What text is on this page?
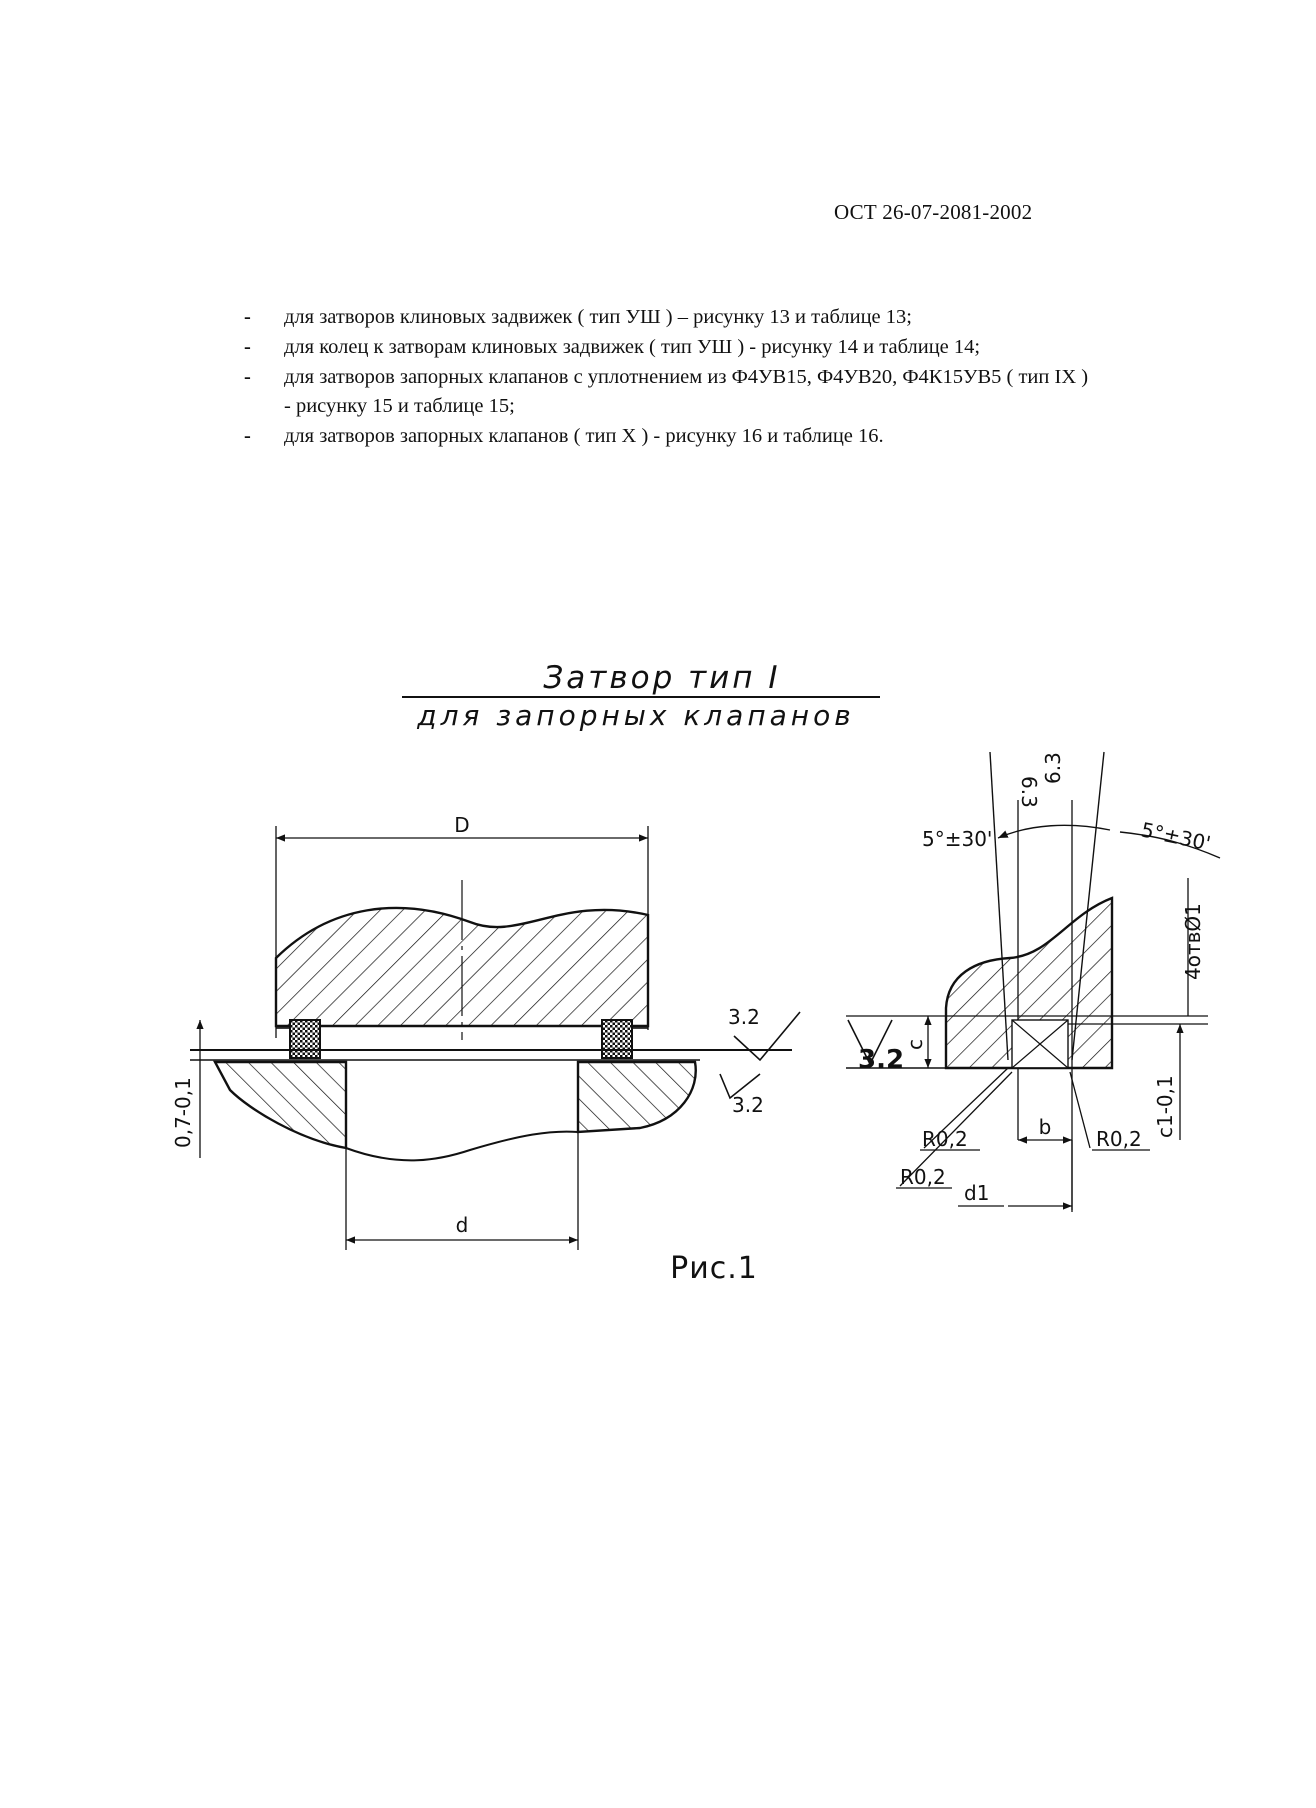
ОСТ 26-07-2081-2002
- для затворов клиновых задвижек ( тип УШ ) – рисунку 13 и таблице 13;
- для колец к затворам клиновых задвижек ( тип УШ ) - рисунку 14 и таблице 14;
- для затворов запорных клапанов с уплотнением из Ф4УВ15, Ф4УВ20, Ф4К15УВ5 ( тип IX ) - рисунку 15 и таблице 15;
- для затворов запорных клапанов ( тип X ) - рисунку 16 и таблице 16.
Затвор тип I
для запорных клапанов
D
d
0,7-0,1
3.2
3.2
6.3
6.3
5°±30'	5°±30'
c
3.2
4отвØ1
c1-0,1
b
d1
R0,2	R0,2
R0,2
Рис.1
